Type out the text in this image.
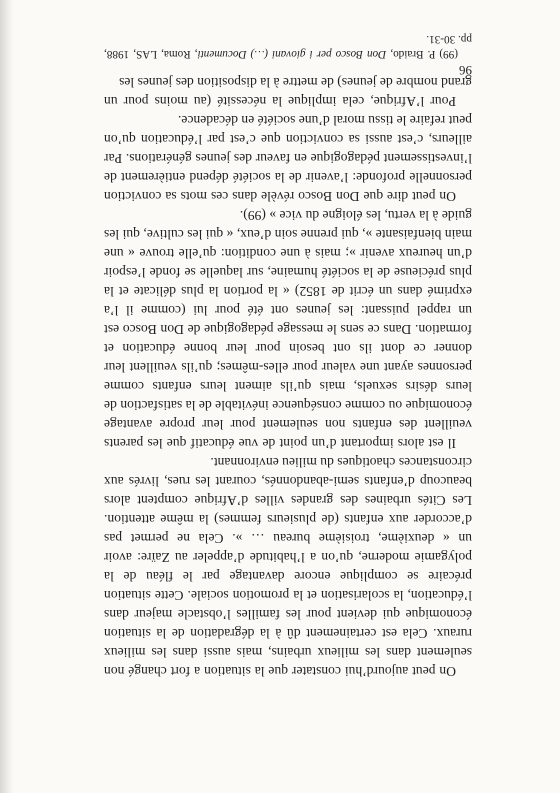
On peut aujourd’hui constater que la situation a fort changé non seulement dans les milieux urbains, mais aussi dans les milieux ruraux. Cela est certainement dû à la dégradation de la situation économique qui devient pour les familles l’obstacle majeur dans l’éducation, la scolarisation et la promotion sociale. Cette situation précaire se complique encore davantage par le fléau de la polygamie moderne, qu’on a l’habitude d’appeler au Zaïre: avoir un « deuxième, troisième bureau … ». Cela ne permet pas d’accorder aux enfants (de plusieurs femmes) la même attention. Les Cités urbaines des grandes villes d’Afrique comptent alors beaucoup d’enfants semi-abandonnés, courant les rues, livrés aux circonstances chaotiques du milieu environnant.

Il est alors important d’un point de vue éducatif que les parents veuillent des enfants non seulement pour leur propre avantage économique ou comme conséquence inévitable de la satisfaction de leurs désirs sexuels, mais qu’ils aiment leurs enfants comme personnes ayant une valeur pour elles-mêmes; qu’ils veuillent leur donner ce dont ils ont besoin pour leur bonne éducation et formation. Dans ce sens le message pédagogique de Don Bosco est un rappel puissant: les jeunes ont été pour lui (comme il l’a exprimé dans un écrit de 1852) « la portion la plus délicate et la plus précieuse de la société humaine, sur laquelle se fonde l’espoir d’un heureux avenir »; mais à une condition: qu’elle trouve « une main bienfaisante », qui prenne soin d’eux, « qui les cultive, qui les guide à la vertu, les éloigne du vice » (99).

On peut dire que Don Bosco révèle dans ces mots sa conviction personnelle profonde: l’avenir de la société dépend entièrement de l’investissement pédagogique en faveur des jeunes générations. Par ailleurs, c’est aussi sa conviction que c’est par l’éducation qu’on peut refaire le tissu moral d’une société en décadence.

Pour l’Afrique, cela implique la nécessité (au moins pour un grand nombre de jeunes) de mettre à la disposition des jeunes les

(99) P. Braido, Don Bosco per i giovani (…) Documenti, Roma, LAS, 1988, pp. 30-31.

96
